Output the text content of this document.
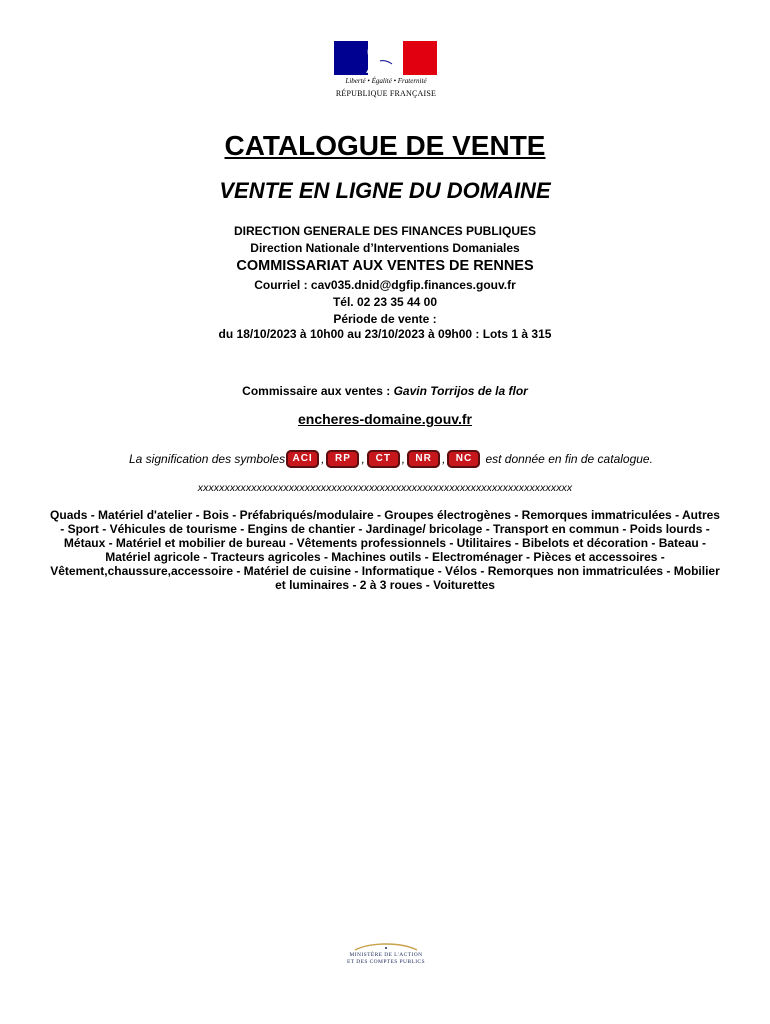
Liberté • Égalité • Fraternité
RÉPUBLIQUE FRANÇAISE
CATALOGUE DE VENTE
VENTE EN LIGNE DU DOMAINE
DIRECTION GENERALE DES FINANCES PUBLIQUES
Direction Nationale d’Interventions Domaniales
COMMISSARIAT AUX VENTES DE RENNES
Courriel : cav035.dnid@dgfip.finances.gouv.fr
Tél. 02 23 35 44 00
Période de vente :
du 18/10/2023 à 10h00 au 23/10/2023 à 09h00 : Lots 1 à 315
Commissaire aux ventes : Gavin Torrijos de la flor
encheres-domaine.gouv.fr
La signification des symboles ACI ,	RP ,	CT ,	NR ,	NC	est donnée en fin de catalogue.
xxxxxxxxxxxxxxxxxxxxxxxxxxxxxxxxxxxxxxxxxxxxxxxxxxxxxxxxxxxxxxxxxxxxxx
Quads - Matériel d'atelier - Bois - Préfabriqués/modulaire - Groupes électrogènes - Remorques immatriculées - Autres - Sport - Véhicules de tourisme - Engins de chantier - Jardinage/ bricolage - Transport en commun - Poids lourds - Métaux - Matériel et mobilier de bureau - Vêtements professionnels - Utilitaires - Bibelots et décoration - Bateau - Matériel agricole - Tracteurs agricoles - Machines outils - Electroménager - Pièces et accessoires - Vêtement,chaussure,accessoire - Matériel de cuisine - Informatique - Vélos - Remorques non immatriculées - Mobilier et luminaires - 2 à 3 roues - Voiturettes
MINISTÈRE DE L'ACTION
ET DES COMPTES PUBLICS
